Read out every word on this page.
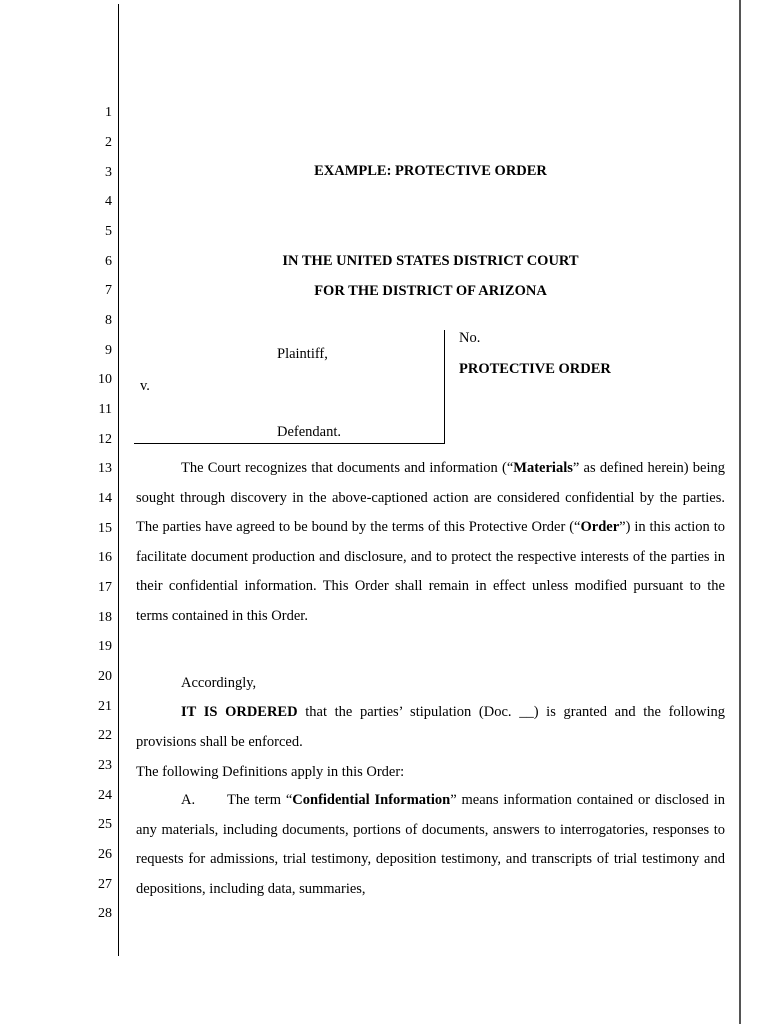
1
2
3
4
5
6
7
8
9
10
11
12
13
14
15
16
17
18
19
20
21
22
23
24
25
26
27
28
EXAMPLE: PROTECTIVE ORDER
IN THE UNITED STATES DISTRICT COURT
FOR THE DISTRICT OF ARIZONA
Plaintiff,
v.
Defendant.
No.
PROTECTIVE ORDER
The Court recognizes that documents and information (“Materials” as defined herein) being sought through discovery in the above-captioned action are considered confidential by the parties. The parties have agreed to be bound by the terms of this Protective Order (“Order”) in this action to facilitate document production and disclosure, and to protect the respective interests of the parties in their confidential information. This Order shall remain in effect unless modified pursuant to the terms contained in this Order.
Accordingly,
IT IS ORDERED that the parties’ stipulation (Doc. __) is granted and the following provisions shall be enforced.
The following Definitions apply in this Order:
A. The term “Confidential Information” means information contained or disclosed in any materials, including documents, portions of documents, answers to interrogatories, responses to requests for admissions, trial testimony, deposition testimony, and transcripts of trial testimony and depositions, including data, summaries,
